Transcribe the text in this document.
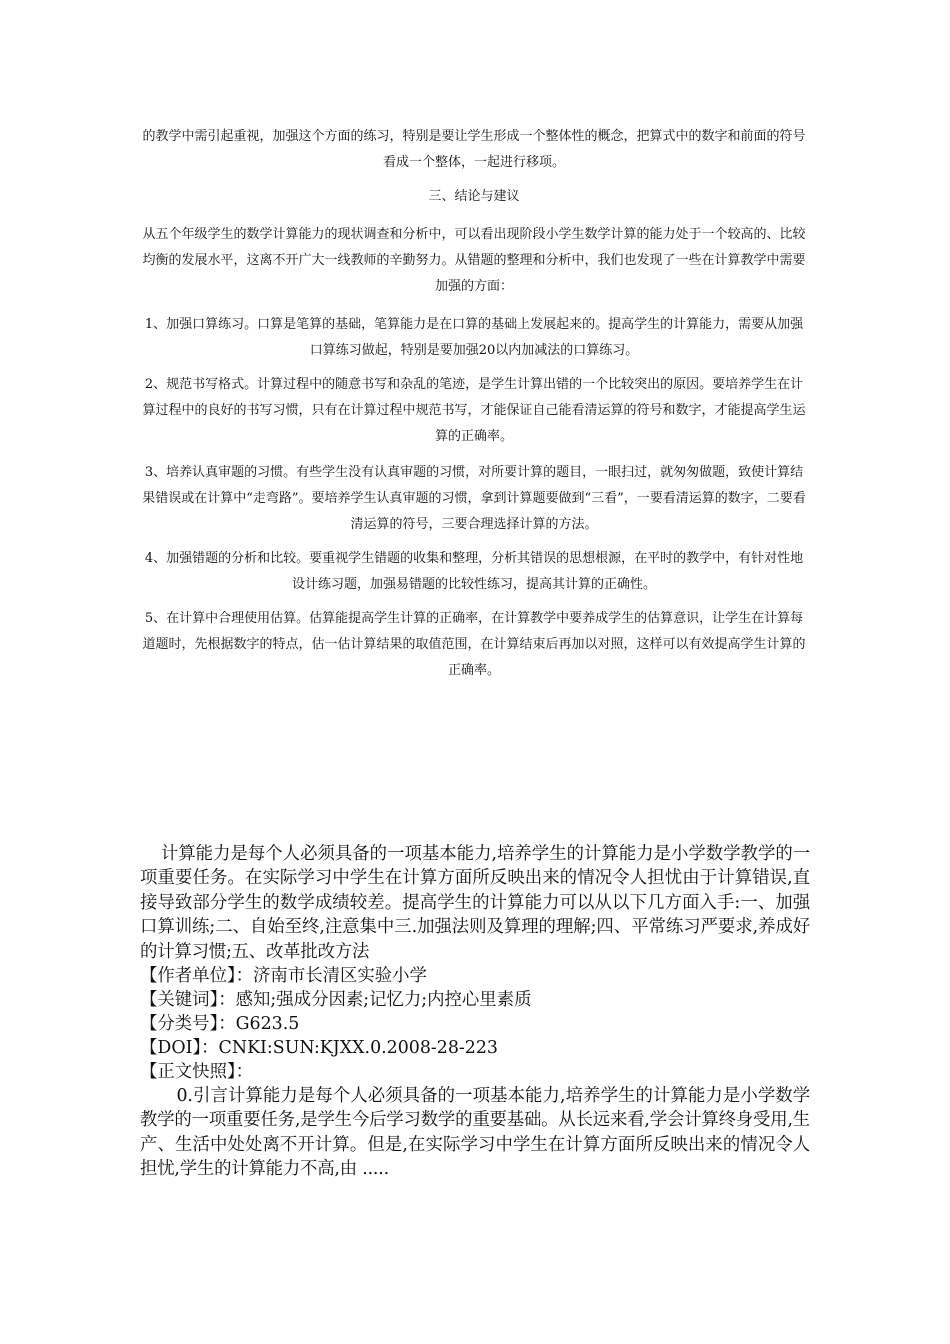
的教学中需引起重视，加强这个方面的练习，特别是要让学生形成一个整体性的概念，把算式中的数字和前面的符号看成一个整体，一起进行移项。

三、结论与建议

从五个年级学生的数学计算能力的现状调查和分析中，可以看出现阶段小学生数学计算的能力处于一个较高的、比较均衡的发展水平，这离不开广大一线教师的辛勤努力。从错题的整理和分析中，我们也发现了一些在计算教学中需要加强的方面：

1、加强口算练习。口算是笔算的基础，笔算能力是在口算的基础上发展起来的。提高学生的计算能力，需要从加强口算练习做起，特别是要加强20以内加减法的口算练习。

2、规范书写格式。计算过程中的随意书写和杂乱的笔迹，是学生计算出错的一个比较突出的原因。要培养学生在计算过程中的良好的书写习惯，只有在计算过程中规范书写，才能保证自己能看清运算的符号和数字，才能提高学生运算的正确率。

3、培养认真审题的习惯。有些学生没有认真审题的习惯，对所要计算的题目，一眼扫过，就匆匆做题，致使计算结果错误或在计算中“走弯路”。要培养学生认真审题的习惯，拿到计算题要做到“三看”，一要看清运算的数字，二要看清运算的符号，三要合理选择计算的方法。

4、加强错题的分析和比较。要重视学生错题的收集和整理，分析其错误的思想根源，在平时的教学中，有针对性地设计练习题，加强易错题的比较性练习，提高其计算的正确性。

5、在计算中合理使用估算。估算能提高学生计算的正确率，在计算教学中要养成学生的估算意识，让学生在计算每道题时，先根据数字的特点，估一估计算结果的取值范围，在计算结束后再加以对照，这样可以有效提高学生计算的正确率。

计算能力是每个人必须具备的一项基本能力,培养学生的计算能力是小学数学教学的一项重要任务。在实际学习中学生在计算方面所反映出来的情况令人担忧由于计算错误,直接导致部分学生的数学成绩较差。提高学生的计算能力可以从以下几方面入手:一、加强口算训练;二、自始至终,注意集中三.加强法则及算理的理解;四、平常练习严要求,养成好的计算习惯;五、改革批改方法

【作者单位】：济南市长清区实验小学

【关键词】：感知;强成分因素;记忆力;内控心里素质

【分类号】：G623.5

【DOI】：CNKI:SUN:KJXX.0.2008-28-223

【正文快照】：

0.引言计算能力是每个人必须具备的一项基本能力,培养学生的计算能力是小学数学教学的一项重要任务,是学生今后学习数学的重要基础。从长远来看,学会计算终身受用,生产、生活中处处离不开计算。但是,在实际学习中学生在计算方面所反映出来的情况令人担忧,学生的计算能力不高,由 .....
